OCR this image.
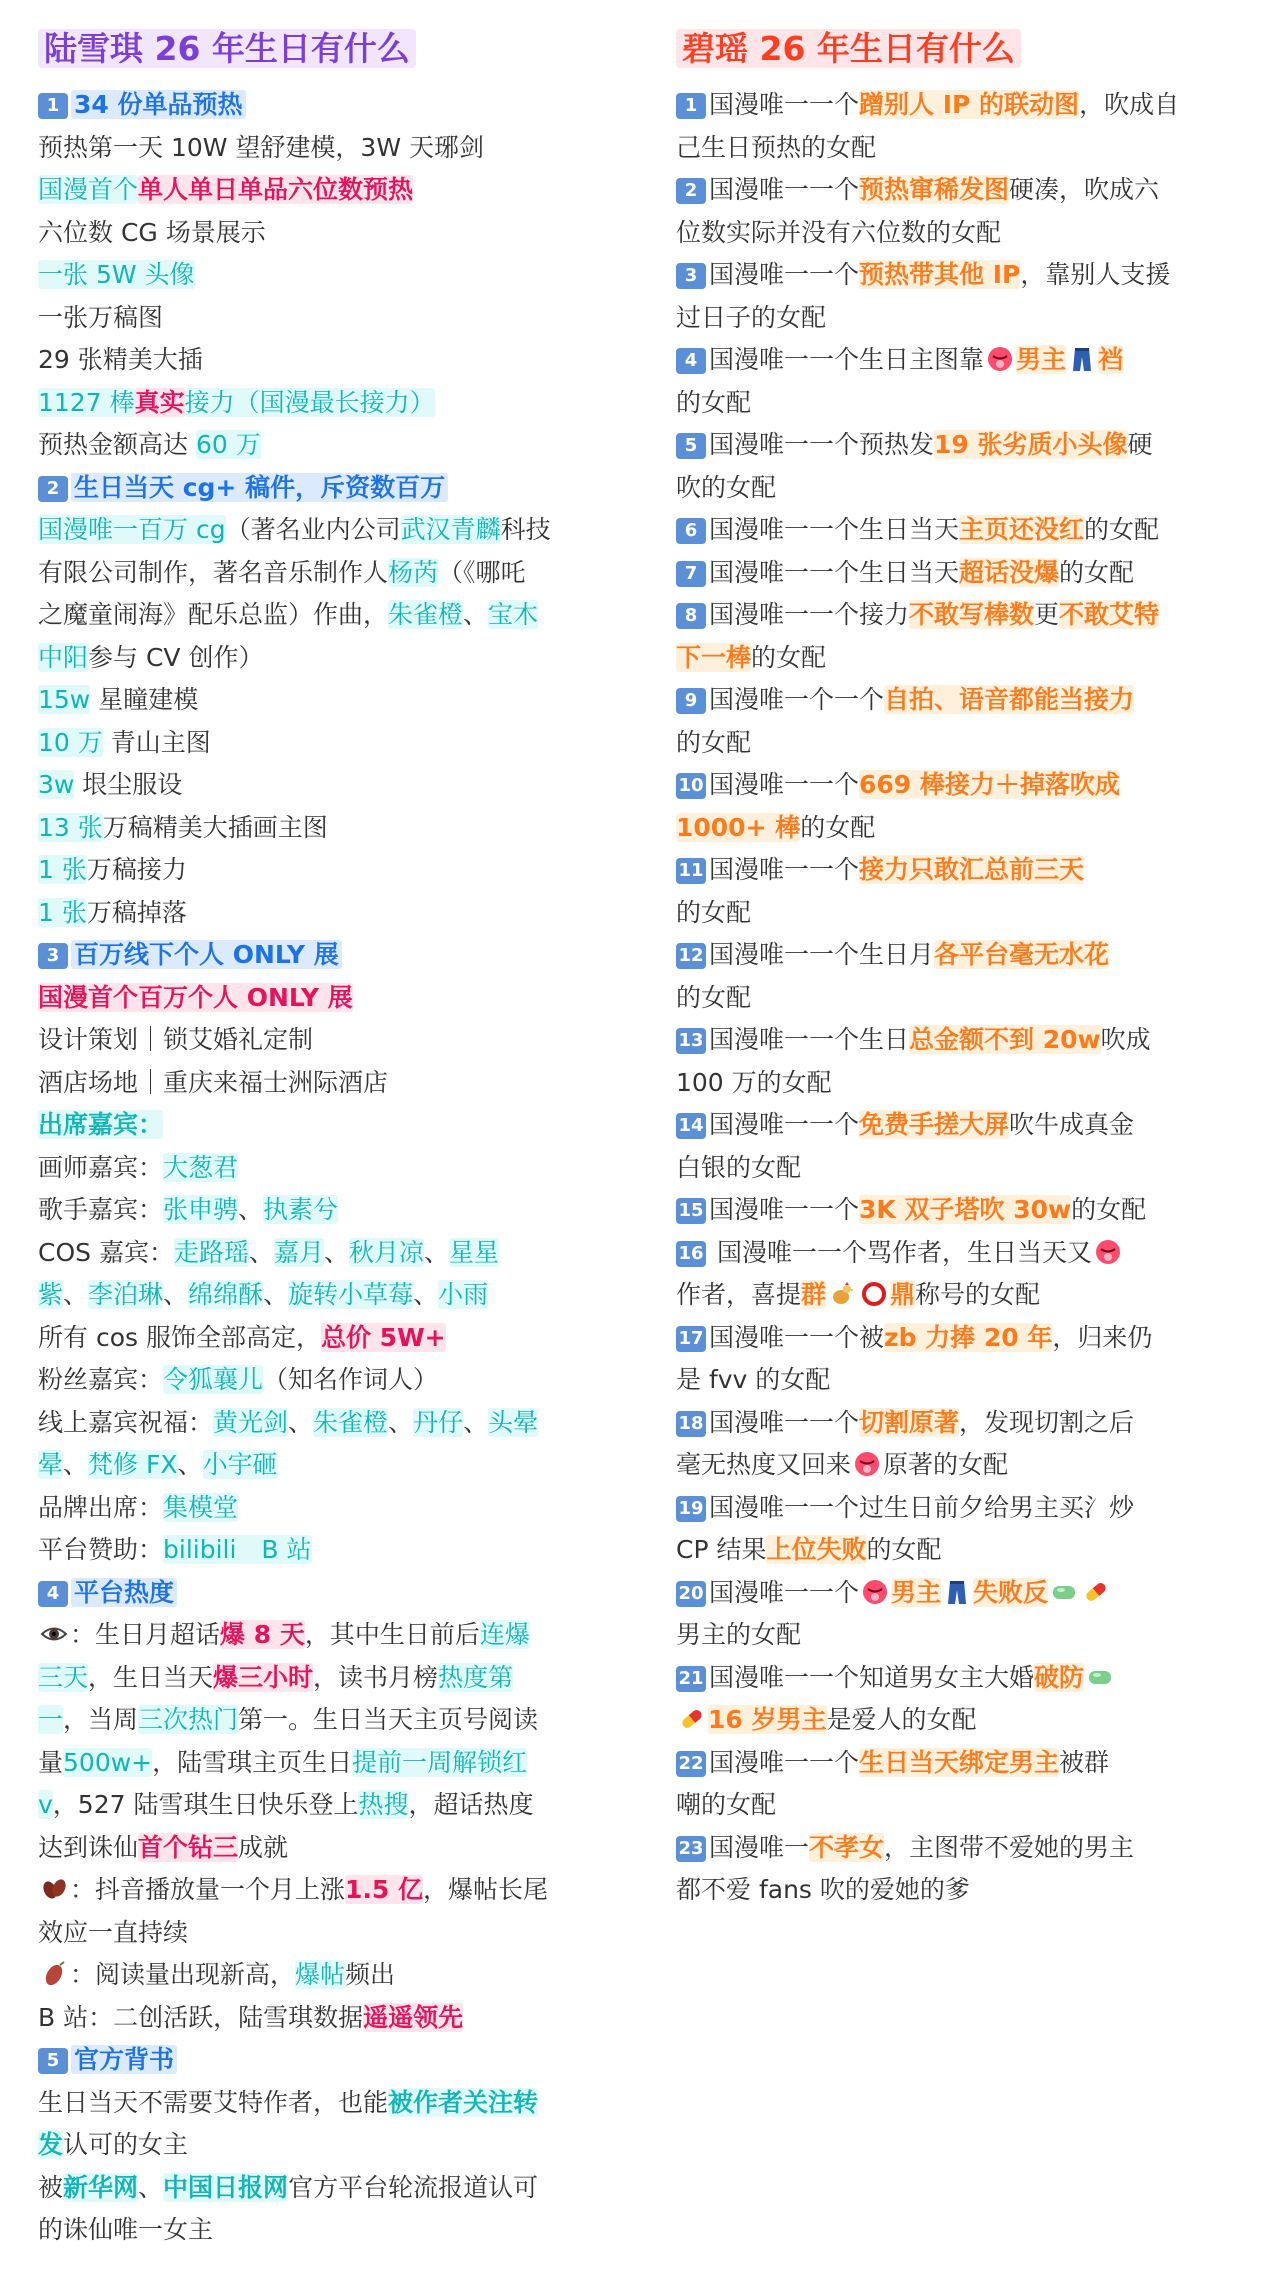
陆雪琪 26 年生日有什么
1 34 份单品预热
预热第一天 10W 望舒建模，3W 天琊剑
国漫首个单人单日单品六位数预热
六位数 CG 场景展示
一张 5W 头像
一张万稿图
29 张精美大插
1127 棒真实接力（国漫最长接力）
预热金额高达 60 万
2 生日当天 cg+ 稿件，斥资数百万
国漫唯一百万 cg（著名业内公司武汉青麟科技
有限公司制作，著名音乐制作人杨芮（《哪吒
之魔童闹海》配乐总监）作曲，朱雀橙、宝木
中阳参与 CV 创作）
15w 星瞳建模
10 万 青山主图
3w 垠尘服设
13 张万稿精美大插画主图
1 张万稿接力
1 张万稿掉落
3 百万线下个人 ONLY 展
国漫首个百万个人 ONLY 展
设计策划｜锁艾婚礼定制
酒店场地｜重庆来福士洲际酒店
出席嘉宾：
画师嘉宾：大葱君
歌手嘉宾：张申骋、执素兮
COS 嘉宾：走路瑶、嘉月、秋月凉、星星
紫、李泊琳、绵绵酥、旋转小草莓、小雨
所有 cos 服饰全部高定，总价 5W+
粉丝嘉宾：令狐襄儿（知名作词人）
线上嘉宾祝福：黄光剑、朱雀橙、丹仔、头晕
晕、梵修 FX、小宇砸
品牌出席：集模堂
平台赞助：bilibili　B 站
4 平台热度
：生日月超话爆 8 天，其中生日前后连爆
三天，生日当天爆三小时，读书月榜热度第
一，当周三次热门第一。生日当天主页号阅读
量500w+，陆雪琪主页生日提前一周解锁红
v，527 陆雪琪生日快乐登上热搜，超话热度
达到诛仙首个钻三成就
：抖音播放量一个月上涨1.5 亿，爆帖长尾
效应一直持续
：阅读量出现新高，爆帖频出
B 站：二创活跃，陆雪琪数据遥遥领先
5 官方背书
生日当天不需要艾特作者，也能被作者关注转
发认可的女主
被新华网、中国日报网官方平台轮流报道认可
的诛仙唯一女主
碧瑶 26 年生日有什么
1 国漫唯一一个蹭别人 IP 的联动图，吹成自
己生日预热的女配
2 国漫唯一一个预热窜稀发图硬凑，吹成六
位数实际并没有六位数的女配
3 国漫唯一一个预热带其他 IP，靠别人支援
过日子的女配
4 国漫唯一一个生日主图靠 男主 裆
的女配
5 国漫唯一一个预热发19 张劣质小头像硬
吹的女配
6 国漫唯一一个生日当天主页还没红的女配
7 国漫唯一一个生日当天超话没爆的女配
8 国漫唯一一个接力不敢写棒数更不敢艾特
下一棒的女配
9 国漫唯一个一个自拍、语音都能当接力
的女配
10 国漫唯一一个669 棒接力＋掉落吹成
1000+ 棒的女配
11 国漫唯一一个接力只敢汇总前三天
的女配
12 国漫唯一一个生日月各平台毫无水花
的女配
13 国漫唯一一个生日总金额不到 20w吹成
100 万的女配
14 国漫唯一一个免费手搓大屏吹牛成真金
白银的女配
15 国漫唯一一个3K 双子塔吹 30w的女配
16 国漫唯一一个骂作者，生日当天又
作者，喜提群	鼎称号的女配
17 国漫唯一一个被zb 力捧 20 年，归来仍
是 fvv 的女配
18 国漫唯一一个切割原著，发现切割之后
毫无热度又回来 原著的女配
19 国漫唯一一个过生日前夕给男主买氵炒
CP 结果上位失败的女配
20 国漫唯一一个 男主 失败反
男主的女配
21 国漫唯一一个知道男女主大婚破防
16 岁男主是爱人的女配
22 国漫唯一一个生日当天绑定男主被群
嘲的女配
23 国漫唯一不孝女，主图带不爱她的男主
都不爱 fans 吹的爱她的爹
